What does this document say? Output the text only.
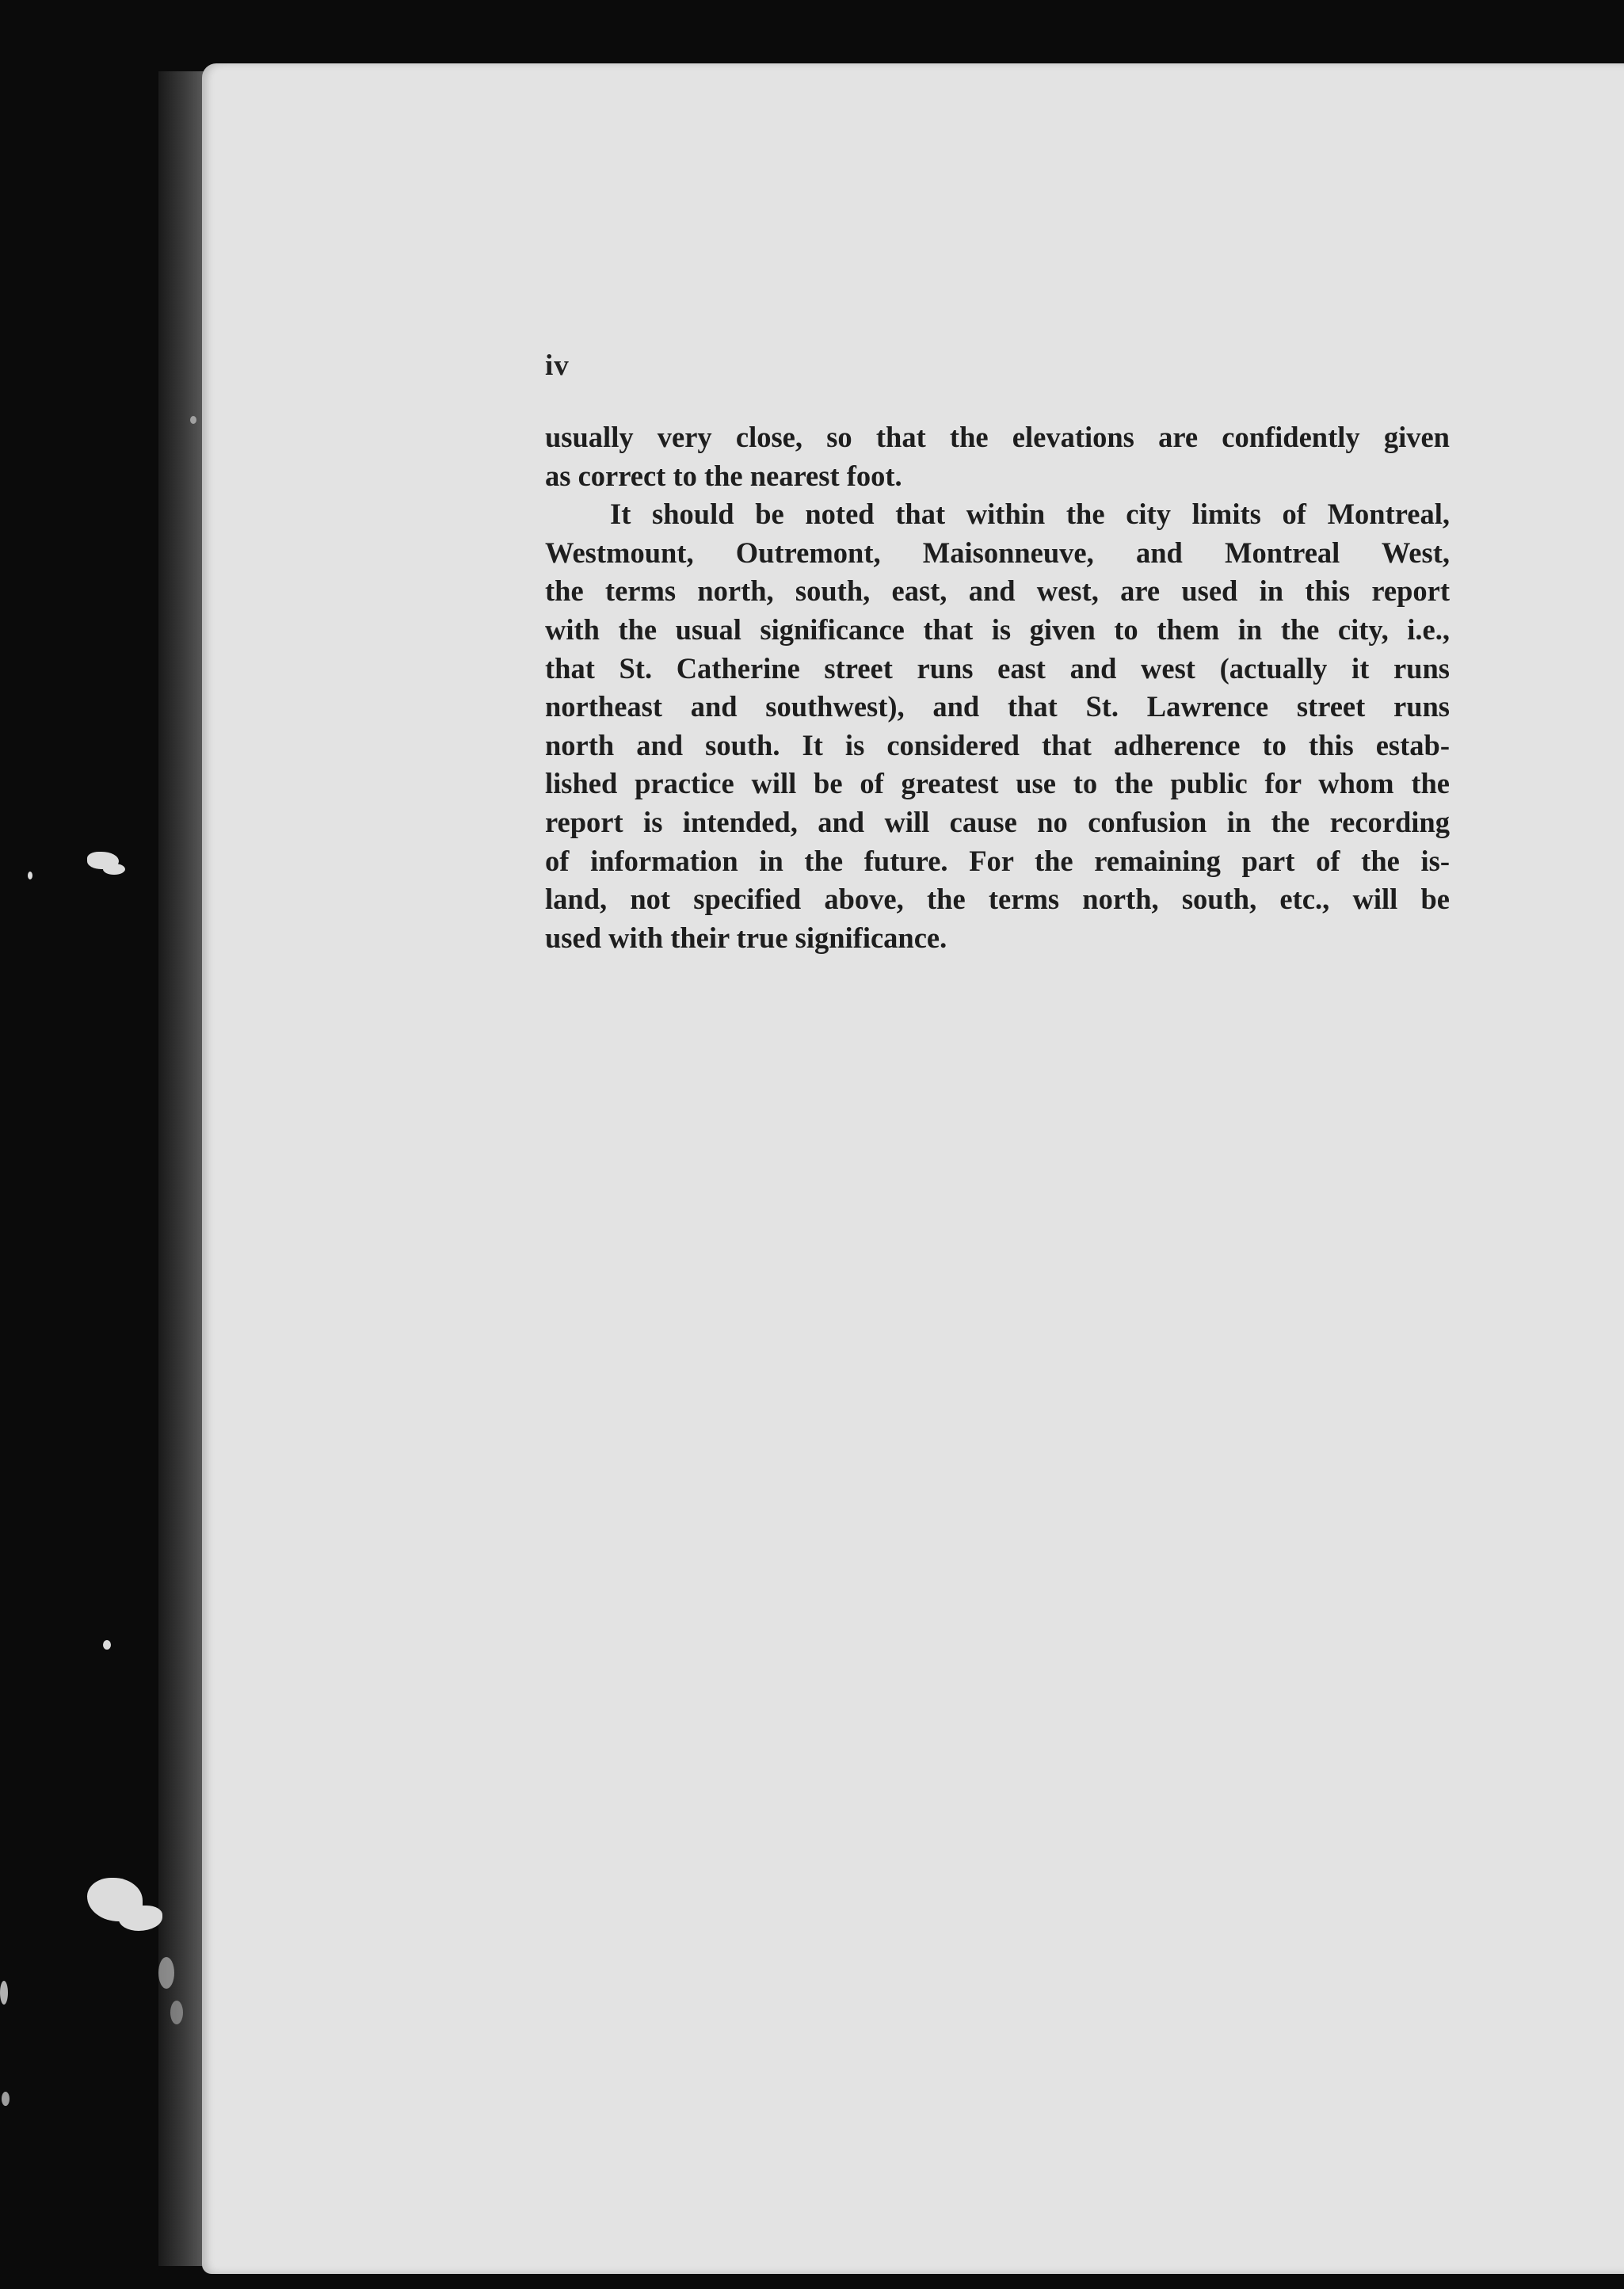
iv
usually very close, so that the elevations are confidently given
as correct to the nearest foot.
It should be noted that within the city limits of Montreal,
Westmount, Outremont, Maisonneuve, and Montreal West,
the terms north, south, east, and west, are used in this report
with the usual significance that is given to them in the city, i.e.,
that St. Catherine street runs east and west (actually it runs
northeast and southwest), and that St. Lawrence street runs
north and south. It is considered that adherence to this estab-
lished practice will be of greatest use to the public for whom the
report is intended, and will cause no confusion in the recording
of information in the future. For the remaining part of the is-
land, not specified above, the terms north, south, etc., will be
used with their true significance.
